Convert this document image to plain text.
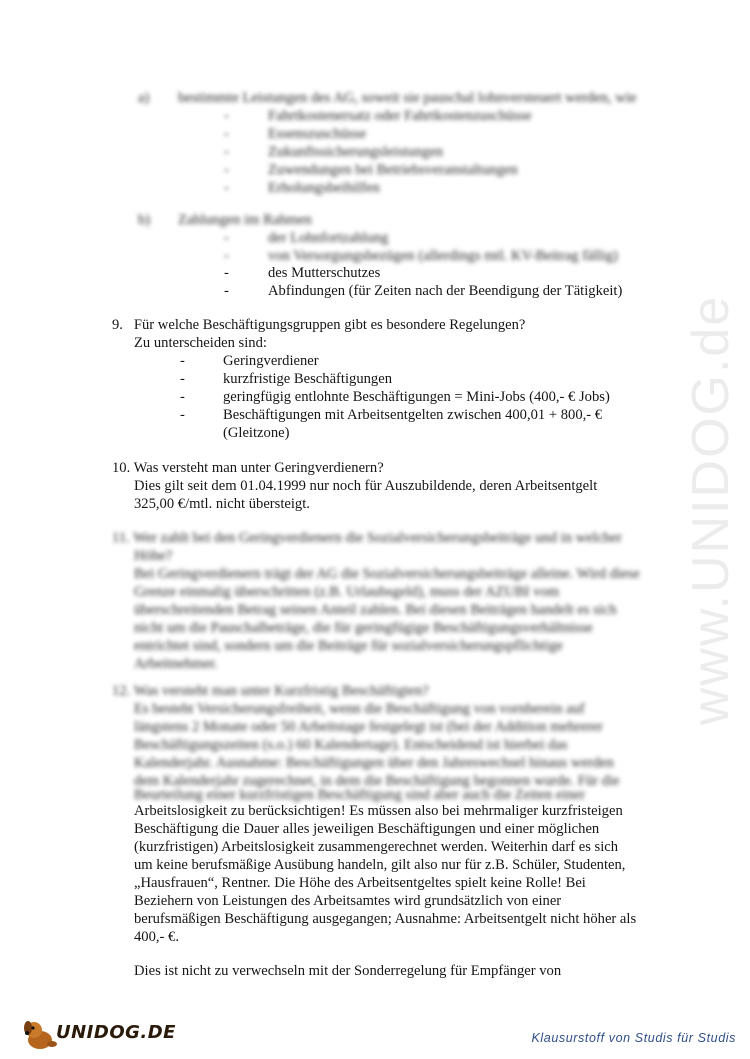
www.UNIDOG.de
a) bestimmte Leistungen des AG, soweit sie pauschal lohnversteuert werden, wie
-	Fahrtkostenersatz oder Fahrtkostenzuschüsse
-	Essenszuschüsse
-	Zukunftssicherungsleistungen
-	Zuwendungen bei Betriebsveranstaltungen
-	Erholungsbeihilfen
b) Zahlungen im Rahmen
-	der Lohnfortzahlung
-	von Versorgungsbezügen (allerdings mtl. KV-Beitrag fällig)
-	des Mutterschutzes
-	Abfindungen (für Zeiten nach der Beendigung der Tätigkeit)
9.   Für welche Beschäftigungsgruppen gibt es besondere Regelungen?
Zu unterscheiden sind:
-	Geringverdiener
-	kurzfristige Beschäftigungen
-	geringfügig entlohnte Beschäftigungen = Mini-Jobs (400,- € Jobs)
-	Beschäftigungen mit Arbeitsentgelten zwischen 400,01 + 800,- €
(Gleitzone)
10. Was versteht man unter Geringverdienern?
Dies gilt seit dem 01.04.1999 nur noch für Auszubildende, deren Arbeitsentgelt
325,00 €/mtl. nicht übersteigt.
11. Wer zahlt bei den Geringverdienern die Sozialversicherungsbeiträge und in welcher
Höhe?
Bei Geringverdienern trägt der AG die Sozialversicherungsbeiträge alleine. Wird diese
Grenze einmalig überschritten (z.B. Urlaubsgeld), muss der AZUBI vom
überschreitenden Betrag seinen Anteil zahlen. Bei diesen Beiträgen handelt es sich
nicht um die Pauschalbeträge, die für geringfügige Beschäftigungsverhältnisse
entrichtet sind, sondern um die Beiträge für sozialversicherungspflichtige
Arbeitnehmer.
12. Was versteht man unter Kurzfristig Beschäftigten?
Es besteht Versicherungsfreiheit, wenn die Beschäftigung von vornherein auf
längstens 2 Monate oder 50 Arbeitstage festgelegt ist (bei der Addition mehrerer
Beschäftigungszeiten (s.o.) 60 Kalendertage). Entscheidend ist hierbei das
Kalenderjahr. Ausnahme: Beschäftigungen über den Jahreswechsel hinaus werden
dem Kalenderjahr zugerechnet, in dem die Beschäftigung begonnen wurde. Für die
Beurteilung einer kurzfristigen Beschäftigung sind aber auch die Zeiten einer
Arbeitslosigkeit zu berücksichtigen! Es müssen also bei mehrmaliger kurzfristeigen
Beschäftigung die Dauer alles jeweiligen Beschäftigungen und einer möglichen
(kurzfristigen) Arbeitslosigkeit zusammengerechnet werden. Weiterhin darf es sich
um keine berufsmäßige Ausübung handeln, gilt also nur für z.B. Schüler, Studenten,
„Hausfrauen“, Rentner. Die Höhe des Arbeitsentgeltes spielt keine Rolle! Bei
Beziehern von Leistungen des Arbeitsamtes wird grundsätzlich von einer
berufsmäßigen Beschäftigung ausgegangen; Ausnahme: Arbeitsentgelt nicht höher als
400,- €.
Dies ist nicht zu verwechseln mit der Sonderregelung für Empfänger von
UNIDOG.DE	Klausurstoff von Studis für Studis
